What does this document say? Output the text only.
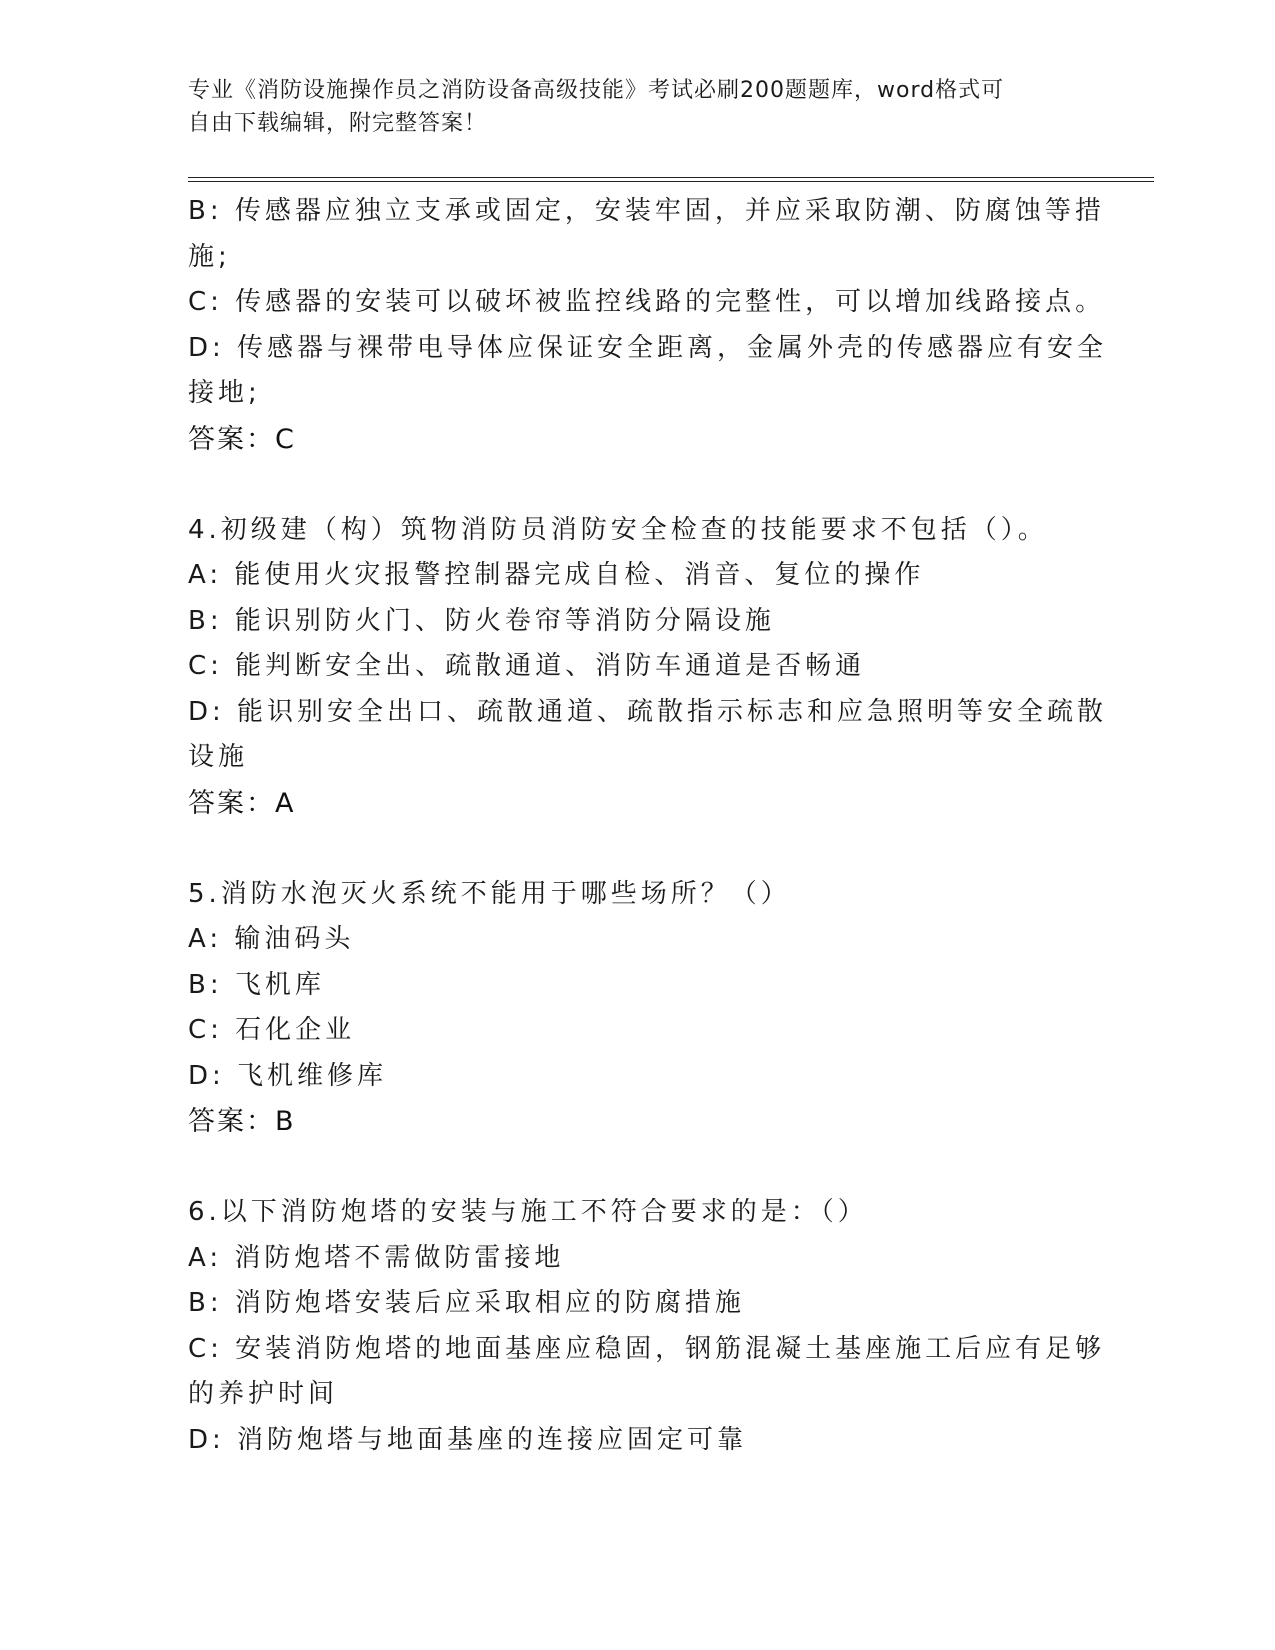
专业《消防设施操作员之消防设备高级技能》考试必刷200题题库，word格式可
自由下载编辑，附完整答案！

B: 传感器应独立支承或固定，安装牢固，并应采取防潮、防腐蚀等措

施;

C: 传感器的安装可以破坏被监控线路的完整性，可以增加线路接点。

D: 传感器与裸带电导体应保证安全距离，金属外壳的传感器应有安全

接地;

答案：C

4.初级建（构）筑物消防员消防安全检查的技能要求不包括（）。

A: 能使用火灾报警控制器完成自检、消音、复位的操作

B: 能识别防火门、防火卷帘等消防分隔设施

C: 能判断安全出、疏散通道、消防车通道是否畅通

D: 能识别安全出口、疏散通道、疏散指示标志和应急照明等安全疏散

设施

答案：A

5.消防水泡灭火系统不能用于哪些场所？（）

A: 输油码头

B: 飞机库

C: 石化企业

D: 飞机维修库

答案：B

6.以下消防炮塔的安装与施工不符合要求的是：（）

A: 消防炮塔不需做防雷接地

B: 消防炮塔安装后应采取相应的防腐措施

C: 安装消防炮塔的地面基座应稳固，钢筋混凝土基座施工后应有足够

的养护时间

D: 消防炮塔与地面基座的连接应固定可靠
